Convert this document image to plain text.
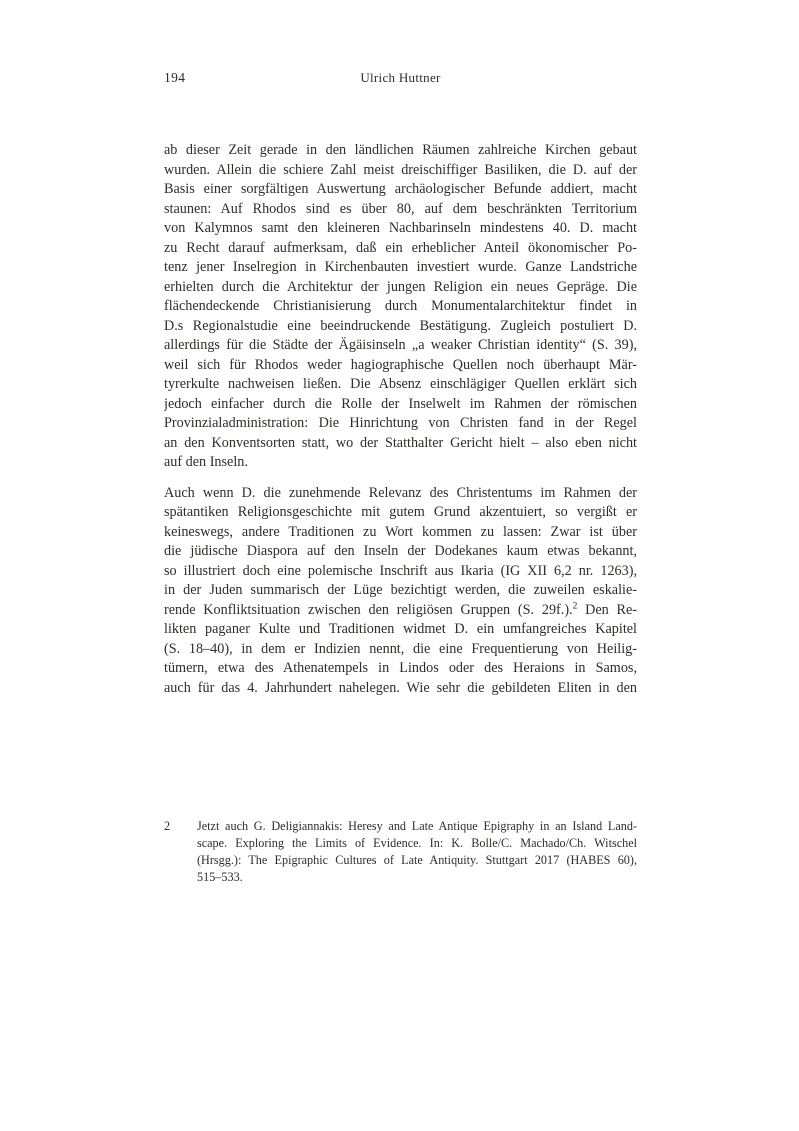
194	Ulrich Huttner
ab dieser Zeit gerade in den ländlichen Räumen zahlreiche Kirchen gebaut
wurden. Allein die schiere Zahl meist dreischiffiger Basiliken, die D. auf der
Basis einer sorgfältigen Auswertung archäologischer Befunde addiert, macht
staunen: Auf Rhodos sind es über 80, auf dem beschränkten Territorium
von Kalymnos samt den kleineren Nachbarinseln mindestens 40. D. macht
zu Recht darauf aufmerksam, daß ein erheblicher Anteil ökonomischer Po-
tenz jener Inselregion in Kirchenbauten investiert wurde. Ganze Landstriche
erhielten durch die Architektur der jungen Religion ein neues Gepräge. Die
flächendeckende Christianisierung durch Monumentalarchitektur findet in
D.s Regionalstudie eine beeindruckende Bestätigung. Zugleich postuliert D.
allerdings für die Städte der Ägäisinseln „a weaker Christian identity“ (S. 39),
weil sich für Rhodos weder hagiographische Quellen noch überhaupt Mär-
tyrerkulte nachweisen ließen. Die Absenz einschlägiger Quellen erklärt sich
jedoch einfacher durch die Rolle der Inselwelt im Rahmen der römischen
Provinzialadministration: Die Hinrichtung von Christen fand in der Regel
an den Konventsorten statt, wo der Statthalter Gericht hielt – also eben nicht
auf den Inseln.
Auch wenn D. die zunehmende Relevanz des Christentums im Rahmen der
spätantiken Religionsgeschichte mit gutem Grund akzentuiert, so vergißt er
keineswegs, andere Traditionen zu Wort kommen zu lassen: Zwar ist über
die jüdische Diaspora auf den Inseln der Dodekanes kaum etwas bekannt,
so illustriert doch eine polemische Inschrift aus Ikaria (IG XII 6,2 nr. 1263),
in der Juden summarisch der Lüge bezichtigt werden, die zuweilen eskalie-
rende Konfliktsituation zwischen den religiösen Gruppen (S. 29f.).$^2$ Den Re-
likten paganer Kulte und Traditionen widmet D. ein umfangreiches Kapitel
(S. 18–40), in dem er Indizien nennt, die eine Frequentierung von Heilig-
tümern, etwa des Athenatempels in Lindos oder des Heraions in Samos,
auch für das 4. Jahrhundert nahelegen. Wie sehr die gebildeten Eliten in den
2 Jetzt auch G. Deligiannakis: Heresy and Late Antique Epigraphy in an Island Land-
scape. Exploring the Limits of Evidence. In: K. Bolle/C. Machado/Ch. Witschel
(Hrsgg.): The Epigraphic Cultures of Late Antiquity. Stuttgart 2017 (HABES 60),
515–533.
